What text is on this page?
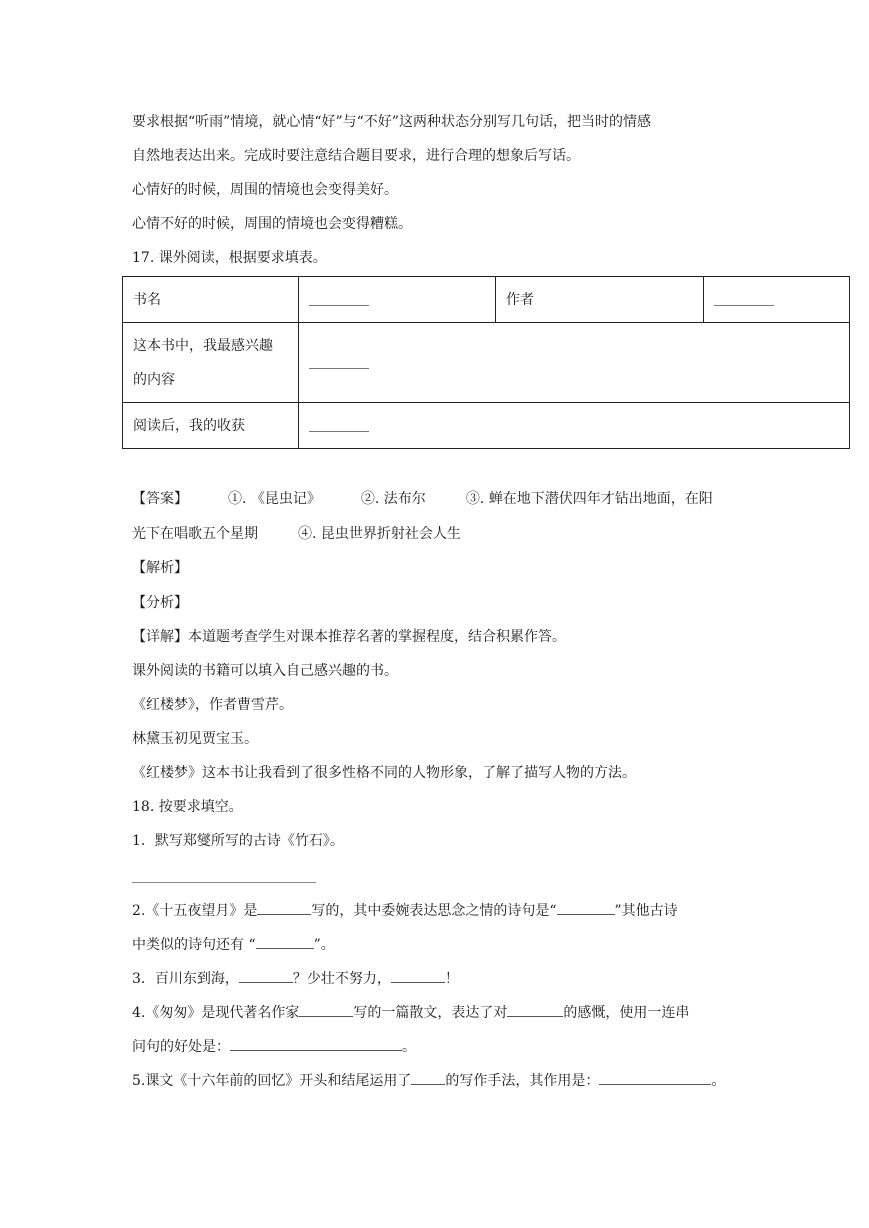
要求根据“听雨”情境，就心情“好”与“不好”这两种状态分别写几句话，把当时的情感
自然地表达出来。完成时要注意结合题目要求，进行合理的想象后写话。
心情好的时候，周围的情境也会变得美好。
心情不好的时候，周围的情境也会变得糟糕。
17. 课外阅读，根据要求填表。
书名		作者	
这本书中，我最感兴趣
的内容			
阅读后，我的收获			
【答案】	①. 《昆虫记》	②. 法布尔	③. 蝉在地下潜伏四年才钻出地面，在阳
光下在唱歌五个星期	④. 昆虫世界折射社会人生
【解析】
【分析】
【详解】本道题考查学生对课本推荐名著的掌握程度，结合积累作答。
课外阅读的书籍可以填入自己感兴趣的书。
《红楼梦》，作者曹雪芹。
林黛玉初见贾宝玉。
《红楼梦》这本书让我看到了很多性格不同的人物形象，了解了描写人物的方法。
18. 按要求填空。
1．默写郑燮所写的古诗《竹石》。
2.《十五夜望月》是	写的，其中委婉表达思念之情的诗句是“	”其他古诗
中类似的诗句还有 “	”。
3．百川东到海，	？少壮不努力，	！
4.《匆匆》是现代著名作家	写的一篇散文，表达了对	的感慨，使用一连串
问句的好处是：	。
5.课文《十六年前的回忆》开头和结尾运用了 的写作手法，其作用是：	。
